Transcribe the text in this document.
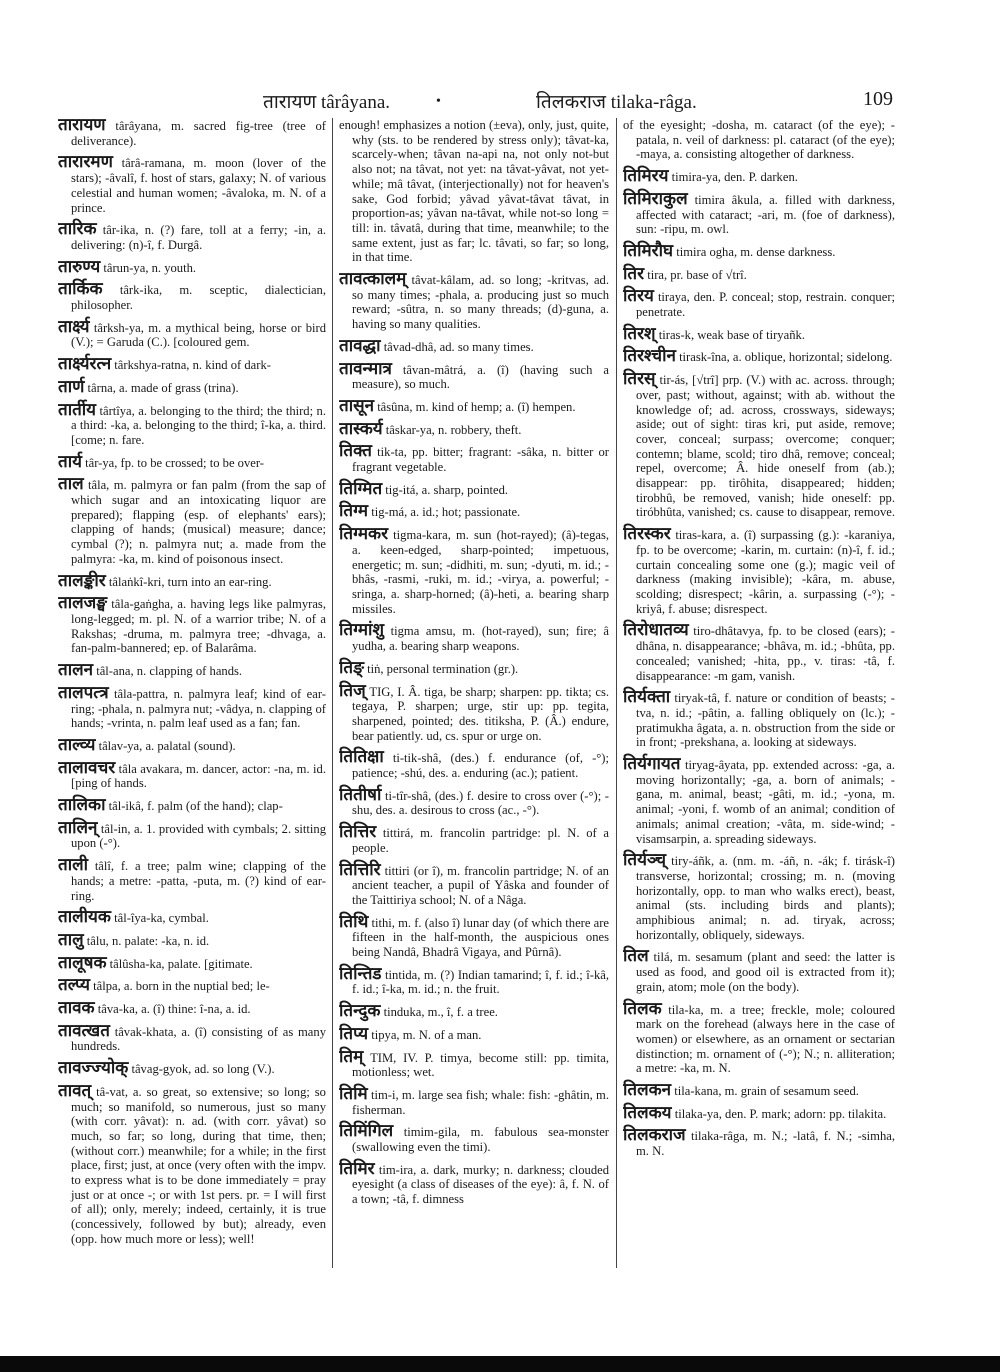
तारायण târâyana.	•	तिलकराज tilaka-râga.	109

तारायण târâyana, m. sacred fig-tree (tree of deliverance).

तारारमण târâ-ramana, m. moon (lover of the stars); -âvalî, f. host of stars, galaxy; N. of various celestial and human women; -âvaloka, m. N. of a prince.

तारिक târ-ika, n. (?) fare, toll at a ferry; -in, a. delivering: (n)-î, f. Durgâ.

तारुण्य târun-ya, n. youth.

तार्किक târk-ika, m. sceptic, dialectician, philosopher.

तार्क्ष्य târksh-ya, m. a mythical being, horse or bird (V.); = Garuda (C.). [coloured gem.

तार्क्ष्यरत्न târkshya-ratna, n. kind of dark-

तार्ण târna, a. made of grass (trina).

तार्तीय târtîya, a. belonging to the third; the third; n. a third: -ka, a. belonging to the third; î-ka, a. third. [come; n. fare.

तार्य târ-ya, fp. to be crossed; to be over-

ताल tâla, m. palmyra or fan palm (from the sap of which sugar and an intoxicating liquor are prepared); flapping (esp. of elephants' ears); clapping of hands; (musical) measure; dance; cymbal (?); n. palmyra nut; a. made from the palmyra: -ka, m. kind of poisonous insect.

तालङ्कीर tâlaṅkî-kri, turn into an ear-ring.

तालजङ्घ tâla-gaṅgha, a. having legs like palmyras, long-legged; m. pl. N. of a warrior tribe; N. of a Rakshas; -druma, m. palmyra tree; -dhvaga, a. fan-palm-bannered; ep. of Balarâma.

तालन tâl-ana, n. clapping of hands.

तालपत्त्र tâla-pattra, n. palmyra leaf; kind of ear-ring; -phala, n. palmyra nut; -vâdya, n. clapping of hands; -vrinta, n. palm leaf used as a fan; fan.

ताल्व्य tâlav-ya, a. palatal (sound).

तालावचर tâla avakara, m. dancer, actor: -na, m. id. [ping of hands.

तालिका tâl-ikâ, f. palm (of the hand); clap-

तालिन् tâl-in, a. 1. provided with cymbals; 2. sitting upon (-°).

ताली tâlî, f. a tree; palm wine; clapping of the hands; a metre: -patta, -puta, m. (?) kind of ear-ring.

तालीयक tâl-îya-ka, cymbal.

तालु tâlu, n. palate: -ka, n. id.

तालूषक tâlûsha-ka, palate. [gitimate.

तल्प्य tâlpa, a. born in the nuptial bed; le-

तावक tâva-ka, a. (î) thine: î-na, a. id.

तावत्खत tâvak-khata, a. (î) consisting of as many hundreds.

तावज्ज्योक् tâvag-gyok, ad. so long (V.).

तावत् tâ-vat, a. so great, so extensive; so long; so much; so manifold, so numerous, just so many (with corr. yâvat): n. ad. (with corr. yâvat) so much, so far; so long, during that time, then; (without corr.) meanwhile; for a while; in the first place, first; just, at once (very often with the impv. to express what is to be done immediately = pray just or at once -; or with 1st pers. pr. = I will first of all); only, merely; indeed, certainly, it is true (concessively, followed by but); already, even (opp. how much more or less); well!

enough! emphasizes a notion (±eva), only, just, quite, why (sts. to be rendered by stress only); tâvat-ka, scarcely-when; tâvan na-api na, not only not-but also not; na tâvat, not yet: na tâvat-yâvat, not yet-while; mâ tâvat, (interjectionally) not for heaven's sake, God forbid; yâvad yâvat-tâvat tâvat, in proportion-as; yâvan na-tâvat, while not-so long = till: in. tâvatâ, during that time, meanwhile; to the same extent, just as far; lc. tâvati, so far; so long, in that time.

तावत्कालम् tâvat-kâlam, ad. so long; -kritvas, ad. so many times; -phala, a. producing just so much reward; -sûtra, n. so many threads; (d)-guna, a. having so many qualities.

तावद्धा tâvad-dhâ, ad. so many times.

तावन्मात्र tâvan-mâtrá, a. (î) (having such a measure), so much.

तासून tâsûna, m. kind of hemp; a. (î) hempen.

तास्कर्य tâskar-ya, n. robbery, theft.

तिक्त tik-ta, pp. bitter; fragrant: -sâka, n. bitter or fragrant vegetable.

तिग्मित tig-itá, a. sharp, pointed.

तिग्म tig-má, a. id.; hot; passionate.

तिग्मकर tigma-kara, m. sun (hot-rayed); (â)-tegas, a. keen-edged, sharp-pointed; impetuous, energetic; m. sun; -didhiti, m. sun; -dyuti, m. id.; -bhâs, -rasmi, -ruki, m. id.; -virya, a. powerful; -sringa, a. sharp-horned; (â)-heti, a. bearing sharp missiles.

तिग्मांशु tigma amsu, m. (hot-rayed), sun; fire; â yudha, a. bearing sharp weapons.

तिङ् tiṅ, personal termination (gr.).

तिज् TIG, I. Â. tiga, be sharp; sharpen: pp. tikta; cs. tegaya, P. sharpen; urge, stir up: pp. tegita, sharpened, pointed; des. titiksha, P. (Â.) endure, bear patiently. ud, cs. spur or urge on.

तितिक्षा ti-tik-shâ, (des.) f. endurance (of, -°); patience; -shú, des. a. enduring (ac.); patient.

तितीर्षा ti-tîr-shâ, (des.) f. desire to cross over (-°); -shu, des. a. desirous to cross (ac., -°).

तित्तिर tittirá, m. francolin partridge: pl. N. of a people.

तित्तिरि tittiri (or î), m. francolin partridge; N. of an ancient teacher, a pupil of Yâska and founder of the Taittiriya school; N. of a Nâga.

तिथि tithi, m. f. (also î) lunar day (of which there are fifteen in the half-month, the auspicious ones being Nandâ, Bhadrâ Vigaya, and Pûrnâ).

तिन्तिड tintida, m. (?) Indian tamarind; î, f. id.; î-kâ, f. id.; î-ka, m. id.; n. the fruit.

तिन्दुक tinduka, m., î, f. a tree.

तिप्य tipya, m. N. of a man.

तिम् TIM, IV. P. timya, become still: pp. timita, motionless; wet.

तिमि tim-i, m. large sea fish; whale: fish: -ghâtin, m. fisherman.

तिमिंगिल timim-gila, m. fabulous sea-monster (swallowing even the timi).

तिमिर tim-ira, a. dark, murky; n. darkness; clouded eyesight (a class of diseases of the eye): â, f. N. of a town; -tâ, f. dimness

of the eyesight; -dosha, m. cataract (of the eye); -patala, n. veil of darkness: pl. cataract (of the eye); -maya, a. consisting altogether of darkness.

तिमिरय timira-ya, den. P. darken.

तिमिराकुल timira âkula, a. filled with darkness, affected with cataract; -ari, m. (foe of darkness), sun: -ripu, m. owl.

तिमिरौघ timira ogha, m. dense darkness.

तिर tira, pr. base of √trî.

तिरय tiraya, den. P. conceal; stop, restrain. conquer; penetrate.

तिरश् tiras-k, weak base of tiryañk.

तिरश्चीन tirask-îna, a. oblique, horizontal; sidelong.

तिरस् tir-ás, [√trî] prp. (V.) with ac. across. through; over, past; without, against; with ab. without the knowledge of; ad. across, crossways, sideways; aside; out of sight: tiras kri, put aside, remove; cover, conceal; surpass; overcome; conquer; contemn; blame, scold; tiro dhâ, remove; conceal; repel, overcome; Â. hide oneself from (ab.); disappear: pp. tirôhita, disappeared; hidden; tirobhû, be removed, vanish; hide oneself: pp. tiróbhûta, vanished; cs. cause to disappear, remove.

तिरस्कर tiras-kara, a. (î) surpassing (g.): -karaniya, fp. to be overcome; -karin, m. curtain: (n)-î, f. id.; curtain concealing some one (g.); magic veil of darkness (making invisible); -kâra, m. abuse, scolding; disrespect; -kârin, a. surpassing (-°); -kriyâ, f. abuse; disrespect.

तिरोधातव्य tiro-dhâtavya, fp. to be closed (ears); -dhâna, n. disappearance; -bhâva, m. id.; -bhûta, pp. concealed; vanished; -hita, pp., v. tiras: -tâ, f. disappearance: -m gam, vanish.

तिर्यक्ता tiryak-tâ, f. nature or condition of beasts; -tva, n. id.; -pâtin, a. falling obliquely on (lc.); -pratimukha âgata, a. n. obstruction from the side or in front; -prekshana, a. looking at sideways.

तिर्यगायत tiryag-âyata, pp. extended across: -ga, a. moving horizontally; -ga, a. born of animals; -gana, m. animal, beast; -gâti, m. id.; -yona, m. animal; -yoni, f. womb of an animal; condition of animals; animal creation; -vâta, m. side-wind; -visamsarpin, a. spreading sideways.

तिर्यञ्च् tiry-áñk, a. (nm. m. -áñ, n. -ák; f. tirásk-î) transverse, horizontal; crossing; m. n. (moving horizontally, opp. to man who walks erect), beast, animal (sts. including birds and plants); amphibious animal; n. ad. tiryak, across; horizontally, obliquely, sideways.

तिल tilá, m. sesamum (plant and seed: the latter is used as food, and good oil is extracted from it); grain, atom; mole (on the body).

तिलक tila-ka, m. a tree; freckle, mole; coloured mark on the forehead (always here in the case of women) or elsewhere, as an ornament or sectarian distinction; m. ornament of (-°); N.; n. alliteration; a metre: -ka, m. N.

तिलकन tila-kana, m. grain of sesamum seed.

तिलकय tilaka-ya, den. P. mark; adorn: pp. tilakita.

तिलकराज tilaka-râga, m. N.; -latâ, f. N.; -simha, m. N.
